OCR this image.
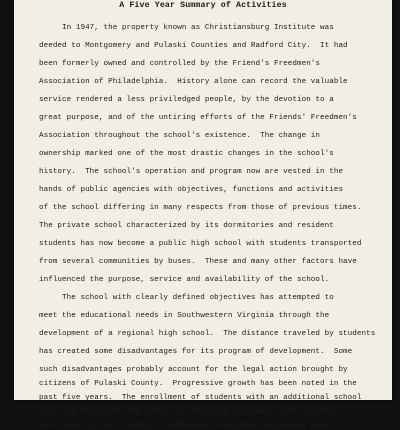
A Five Year Summary of Activities
In 1947, the property known as Christiansburg Institute was
deeded to Montgomery and Pulaski Counties and Radford City.  It had
been formerly owned and controlled by the Friend's Freedmen's
Association of Philadelphia.  History alone can record the valuable
service rendered a less priviledged people, by the devotion to a
great purpose, and of the untiring efforts of the Friends' Freedmen's
Association throughout the school's existence.  The change in
ownership marked one of the most drastic changes in the school's
history.  The school's operation and program now are vested in the
hands of public agencies with objectives, functions and activities
of the school differing in many respects from those of previous times.
The private school characterized by its dormitories and resident
students has now become a public high school with students transported
from several communities by buses.  These and many other factors have
influenced the purpose, service and availability of the school.
The school with clearly defined objectives has attempted to
meet the educational needs in Southwestern Virginia through the
development of a regional high school.  The distance traveled by students
has created some disadvantages for its program of development.  Some
such disadvantages probably account for the legal action brought by
citizens of Pulaski County.  Progressive growth has been noted in the
past five years.  The enrollment of students with an additional school
division has given the school in the past two years, the largest
enrollment in its history.  Additional building facilities have
